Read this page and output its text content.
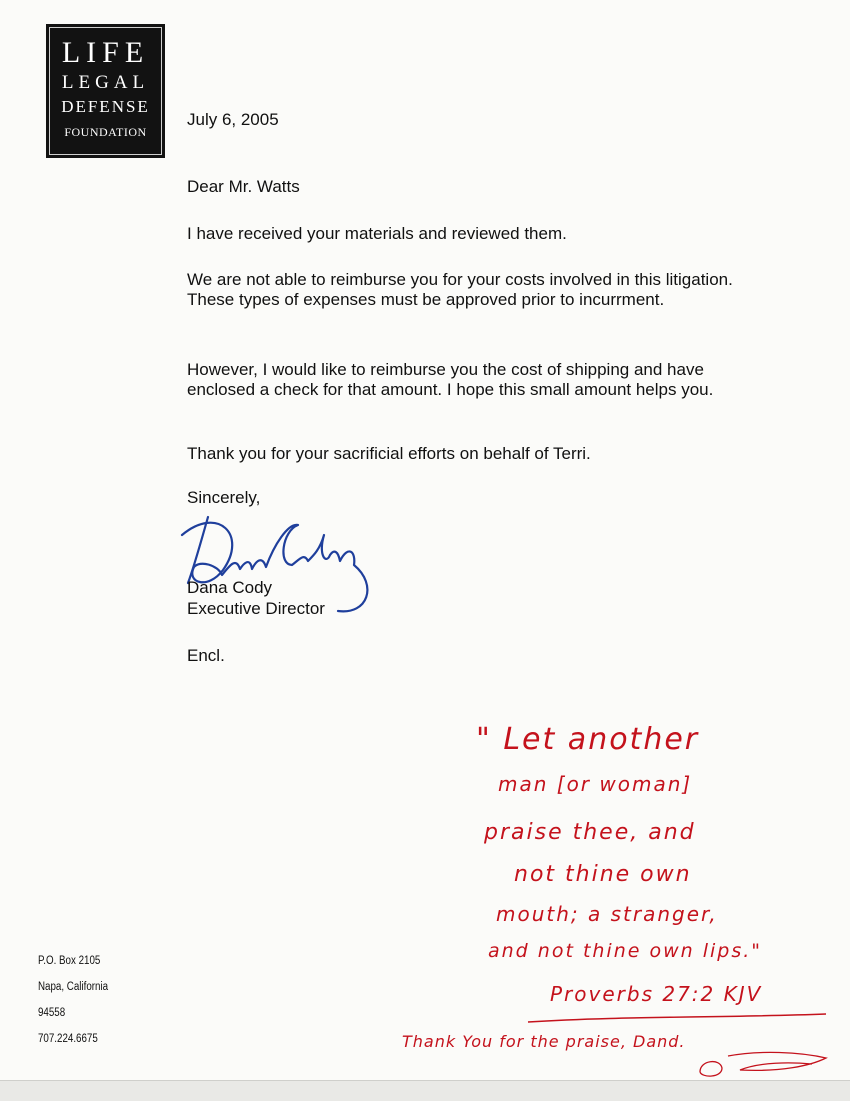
LIFE
LEGAL
DEFENSE
FOUNDATION
July 6, 2005
Dear Mr. Watts
I have received your materials and reviewed them.
We are not able to reimburse you for your costs involved in this litigation. These types of expenses must be approved prior to incurrment.
However, I would like to reimburse you the cost of shipping and have enclosed a check for that amount. I hope this small amount helps you.
Thank you for your sacrificial efforts on behalf of Terri.
Sincerely,
Dana Cody
Executive Director
Encl.
P.O. Box 2105
Napa, California
94558
707.224.6675
" Let another
man [or woman]
praise thee, and
not thine own
mouth; a stranger,
and not thine own lips."
Proverbs 27:2 KJV
Thank You for the praise, Dand.
